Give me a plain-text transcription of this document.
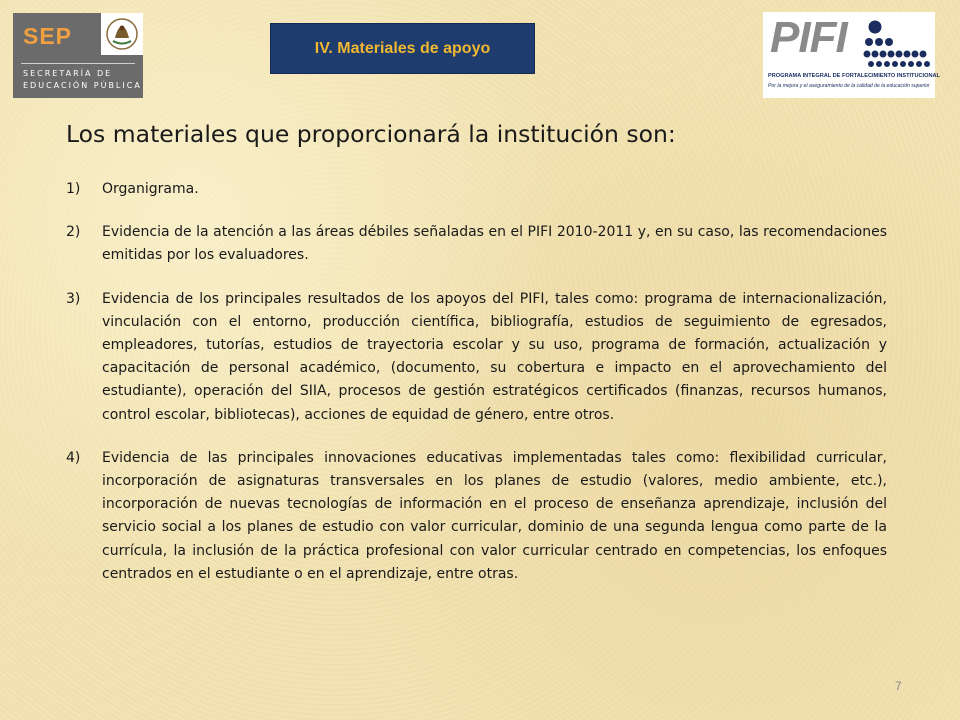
SEP
SECRETARÍA DE
EDUCACIÓN PÚBLICA
IV. Materiales de apoyo	PIFI
PROGRAMA INTEGRAL DE FORTALECIMIENTO INSTITUCIONAL
Por la mejora y el aseguramiento de la calidad de la educación superior
Los materiales que proporcionará la institución son:
1) Organigrama.
2) Evidencia de la atención a las áreas débiles señaladas en el PIFI 2010-2011 y, en su caso, las recomendaciones emitidas por los evaluadores.
3) Evidencia de los principales resultados de los apoyos del PIFI, tales como: programa de internacionalización, vinculación con el entorno, producción científica, bibliografía, estudios de seguimiento de egresados, empleadores, tutorías, estudios de trayectoria escolar y su uso, programa de formación, actualización y capacitación de personal académico, (documento, su cobertura e impacto en el aprovechamiento del estudiante), operación del SIIA, procesos de gestión estratégicos certificados (finanzas, recursos humanos, control escolar, bibliotecas), acciones de equidad de género, entre otros.
4) Evidencia de las principales innovaciones educativas implementadas tales como: flexibilidad curricular, incorporación de asignaturas transversales en los planes de estudio (valores, medio ambiente, etc.), incorporación de nuevas tecnologías de información en el proceso de enseñanza aprendizaje, inclusión del servicio social a los planes de estudio con valor curricular, dominio de una segunda lengua como parte de la currícula, la inclusión de la práctica profesional con valor curricular centrado en competencias, los enfoques centrados en el estudiante o en el aprendizaje, entre otras.
7
